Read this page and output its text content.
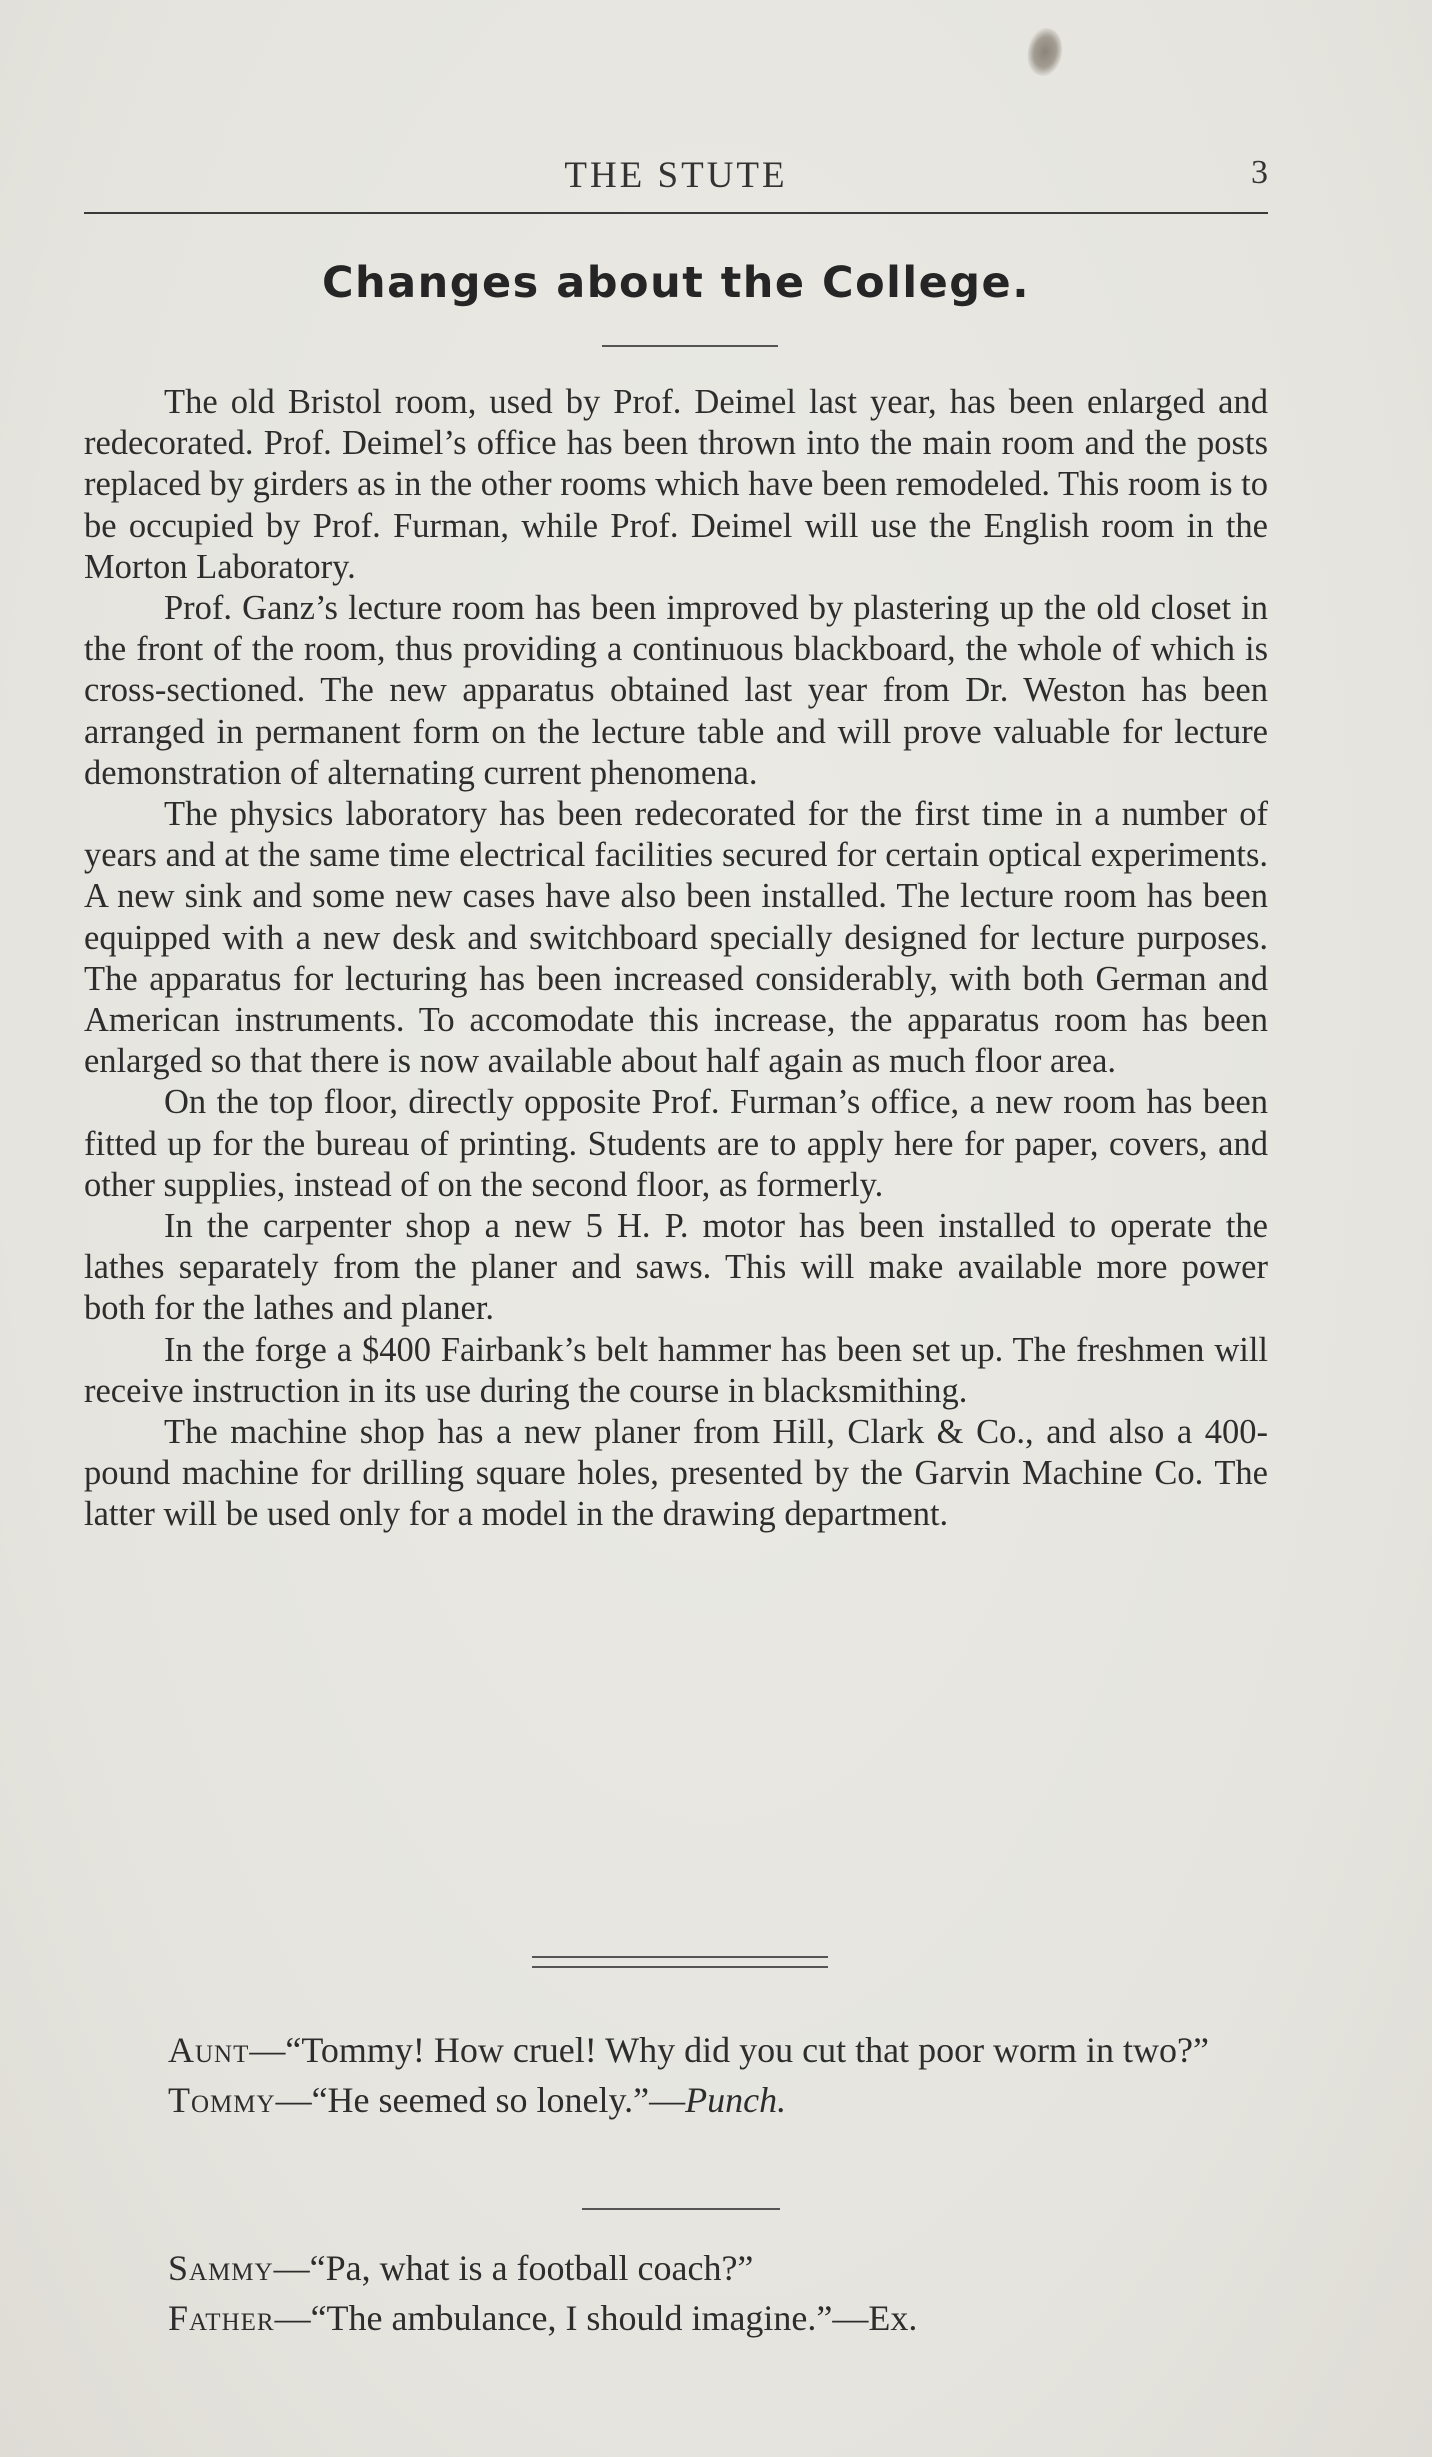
THE STUTE	3
Changes about the College.

The old Bristol room, used by Prof. Deimel last year, has been enlarged and redecorated. Prof. Deimel’s office has been thrown into the main room and the posts replaced by girders as in the other rooms which have been remodeled. This room is to be occupied by Prof. Furman, while Prof. Deimel will use the English room in the Morton Laboratory.

Prof. Ganz’s lecture room has been improved by plastering up the old closet in the front of the room, thus providing a continuous blackboard, the whole of which is cross-sectioned. The new apparatus obtained last year from Dr. Weston has been arranged in permanent form on the lecture table and will prove valuable for lecture demonstration of alternating current phenomena.

The physics laboratory has been redecorated for the first time in a number of years and at the same time electrical facilities secured for certain optical experiments. A new sink and some new cases have also been installed. The lecture room has been equipped with a new desk and switchboard specially designed for lecture purposes. The apparatus for lecturing has been increased considerably, with both German and American instruments. To accomodate this increase, the apparatus room has been enlarged so that there is now available about half again as much floor area.

On the top floor, directly opposite Prof. Furman’s office, a new room has been fitted up for the bureau of printing. Students are to apply here for paper, covers, and other supplies, instead of on the second floor, as formerly.

In the carpenter shop a new 5 H. P. motor has been installed to operate the lathes separately from the planer and saws. This will make available more power both for the lathes and planer.

In the forge a $400 Fairbank’s belt hammer has been set up. The freshmen will receive instruction in its use during the course in blacksmithing.

The machine shop has a new planer from Hill, Clark & Co., and also a 400-pound machine for drilling square holes, presented by the Garvin Machine Co. The latter will be used only for a model in the drawing department.

Aunt—“Tommy! How cruel! Why did you cut that poor worm in two?”

Tommy—“He seemed so lonely.”—Punch.

Sammy—“Pa, what is a football coach?”

Father—“The ambulance, I should imagine.”—Ex.
